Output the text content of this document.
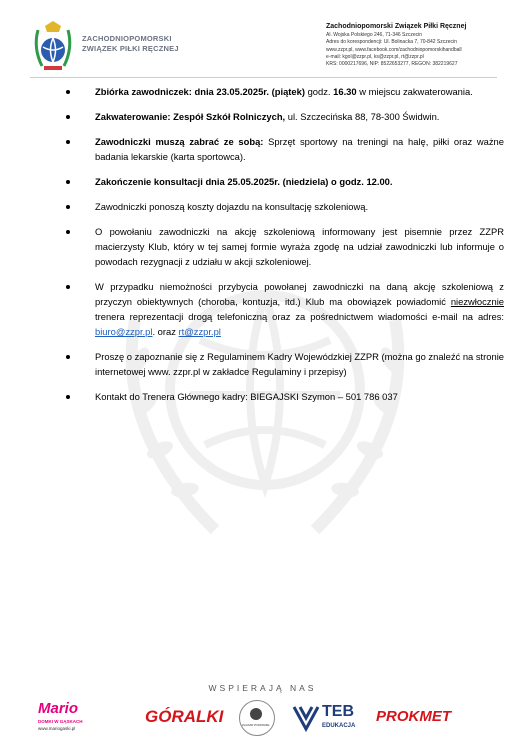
ZACHODNIOPOMORSKI
ZWIĄZEK PIŁKI RĘCZNEJ
Zachodniopomorski Związek Piłki Ręcznej
Al. Wojska Polskiego 246, 71-346 Szczecin
Adres do korespondencji: Ul. Bolinacka 7, 70-842 Szczecin
www.zzpr.pl, www.facebook.com/zachodniopomorskihandball
e-mail: kgol@zzpr.pl, ks@zzpr.pl, rt@zzpr.pl
KRS: 0000217696, NIP: 8522653277, REGON: 382219627
Zbiórka zawodniczek: dnia 23.05.2025r. (piątek) godz. 16.30 w miejscu zakwaterowania.
Zakwaterowanie: Zespół Szkół Rolniczych, ul. Szczecińska 88, 78-300 Świdwin.
Zawodniczki muszą zabrać ze sobą: Sprzęt sportowy na treningi na halę, piłki oraz ważne badania lekarskie (karta sportowca).
Zakończenie konsultacji dnia 25.05.2025r. (niedziela) o godz. 12.00.
Zawodniczki ponoszą koszty dojazdu na konsultację szkoleniową.
O powołaniu zawodniczki na akcję szkoleniową informowany jest pisemnie przez ZZPR macierzysty Klub, który w tej samej formie wyraża zgodę na udział zawodniczki lub informuje o powodach rezygnacji z udziału w akcji szkoleniowej.
W przypadku niemożności przybycia powołanej zawodniczki na daną akcję szkoleniową z przyczyn obiektywnych (choroba, kontuzja, itd.) Klub ma obowiązek powiadomić niezwłocznie trenera reprezentacji drogą telefoniczną oraz za pośrednictwem wiadomości e-mail na adres: biuro@zzpr.pl. oraz rt@zzpr.pl
Proszę o zapoznanie się z Regulaminem Kadry Wojewódzkiej ZZPR (można go znaleźć na stronie internetowej www. zzpr.pl w zakładce Regulaminy i przepisy)
Kontakt do Trenera Głównego kadry: BIEGAJSKI Szymon – 501 786 037
WSPIERAJĄ NAS
Mario
DOMKI W GĄSKACH
www.mariogaski.pl
GÓRALKI	ZAJAZD POMORZE
TEB
EDUKACJA
PROKMET
